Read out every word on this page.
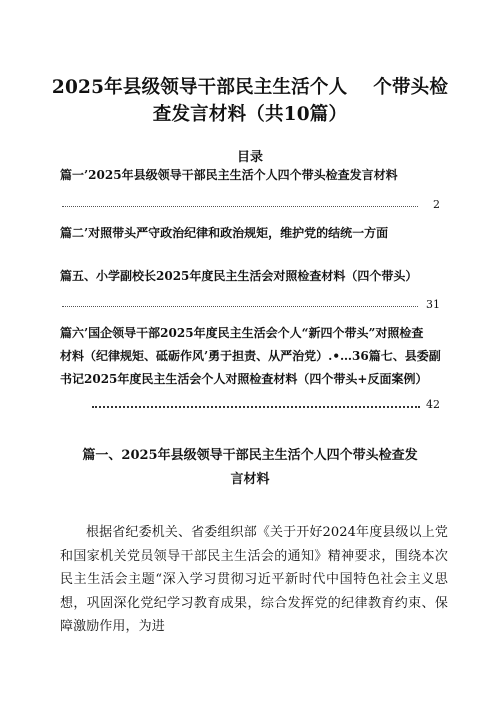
2025年县级领导干部民主生活个人 个带头检
查发言材料（共10篇）
目录
篇一’2025年县级领导干部民主生活个人四个带头检查发言材料
2
篇二’对照带头严守政治纪律和政治规矩，维护党的结统一方面
篇五、小学副校长2025年度民主生活会对照检查材料（四个带头）
31
篇六’国企领导干部2025年度民主生活会个人“新四个带头”对照检查
材料（纪律规矩、砥砺作风’勇于担责、从严治党）.•…36篇七、县委副
书记2025年度民主生活会个人对照检查材料（四个带头+反面案例）
42
篇一、2025年县级领导干部民主生活个人四个带头检查发
言材料
根据省纪委机关、省委组织部《关于开好2024年度县级以上党和国家机关党员领导干部民主生活会的通知》精神要求，围绕本次民主生活会主题“深入学习贯彻习近平新时代中国特色社会主义思想，巩固深化党纪学习教育成果，综合发挥党的纪律教育约束、保障激励作用，为进
